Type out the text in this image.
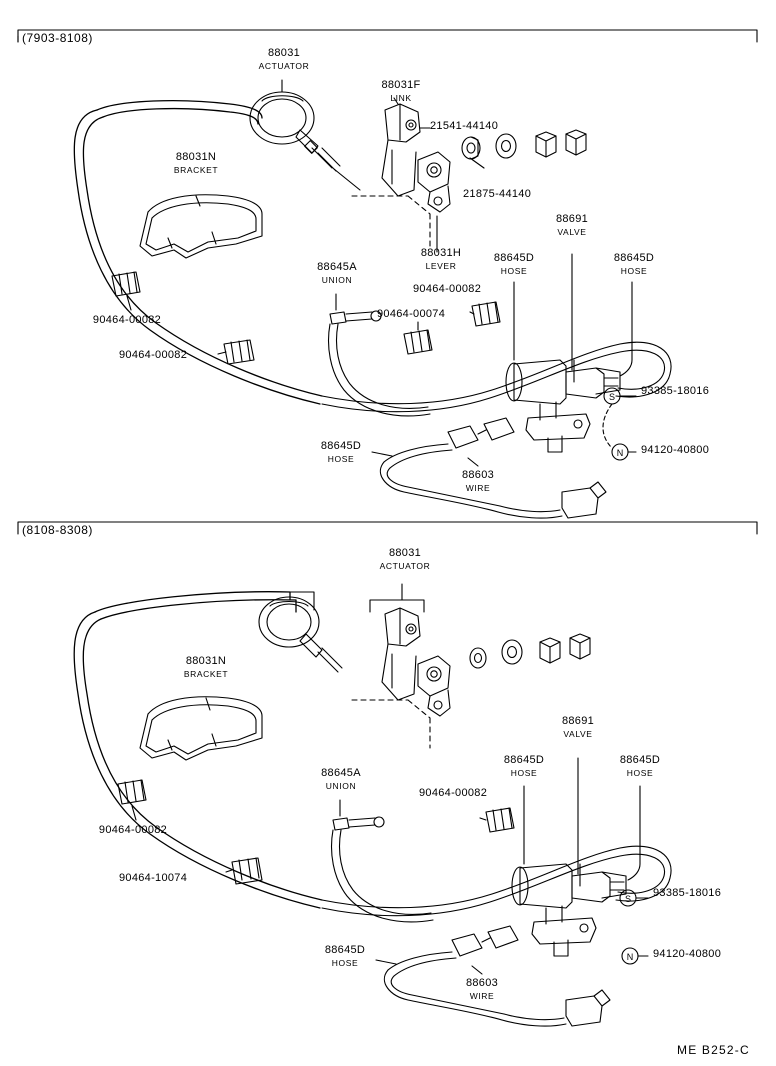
S
N
S
N
(7903-8108)
88031
ACTUATOR
88031F
LINK
21541-44140
21875-44140
88031N
BRACKET
88031H
LEVER
88645A
UNION
88691
VALVE
88645D
HOSE
88645D
HOSE
88645D
HOSE
90464-00082
90464-00082
90464-00082
90464-00074
93385-18016
94120-40800
88603
WIRE
(8108-8308)
88031
ACTUATOR
88031N
BRACKET
88645A
UNION
88691
VALVE
88645D
HOSE
88645D
HOSE
88645D
HOSE
90464-00082
90464-00082
90464-10074
93385-18016
94120-40800
88603
WIRE
ME B252-C
